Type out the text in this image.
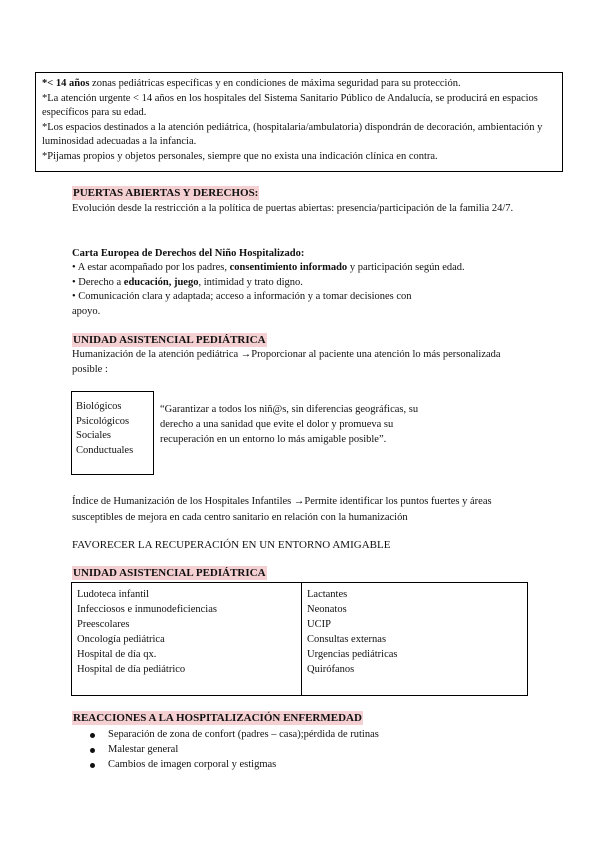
*< 14 años zonas pediátricas específicas y en condiciones de máxima seguridad para su protección.

*La atención urgente < 14 años en los hospitales del Sistema Sanitario Público de Andalucía, se producirá en espacios específicos para su edad.

*Los espacios destinados a la atención pediátrica, (hospitalaria/ambulatoria) dispondrán de decoración, ambientación y luminosidad adecuadas a la infancia.

*Pijamas propios y objetos personales, siempre que no exista una indicación clínica en contra.

PUERTAS ABIERTAS Y DERECHOS:

Evolución desde la restricción a la política de puertas abiertas: presencia/participación de la familia 24/7.

Carta Europea de Derechos del Niño Hospitalizado:

• A estar acompañado por los padres, consentimiento informado y participación según edad.
• Derecho a educación, juego, intimidad y trato digno.
• Comunicación clara y adaptada; acceso a información y a tomar decisiones con apoyo.
UNIDAD ASISTENCIAL PEDIÁTRICA

Humanización de la atención pediátrica →Proporcionar al paciente una atención lo más personalizada posible :

Biológicos
Psicológicos
Sociales
Conductuales

“Garantizar a todos los niñ@s, sin diferencias geográficas, su derecho a una sanidad que evite el dolor y promueva su recuperación en un entorno lo más amigable posible”.

Índice de Humanización de los Hospitales Infantiles →Permite identificar los puntos fuertes y áreas susceptibles de mejora en cada centro sanitario en relación con la humanización

FAVORECER LA RECUPERACIÓN EN UN ENTORNO AMIGABLE

UNIDAD ASISTENCIAL PEDIÁTRICA
Ludoteca infantil
Infecciosos e inmunodeficiencias
Preescolares
Oncología pediátrica
Hospital de día qx.
Hospital de día pediátrico
Lactantes
Neonatos
UCIP
Consultas externas
Urgencias pediátricas
Quirófanos
REACCIONES A LA HOSPITALIZACIÓN ENFERMEDAD
Separación de zona de confort (padres – casa);pérdida de rutinas
Malestar general
Cambios de imagen corporal y estigmas
